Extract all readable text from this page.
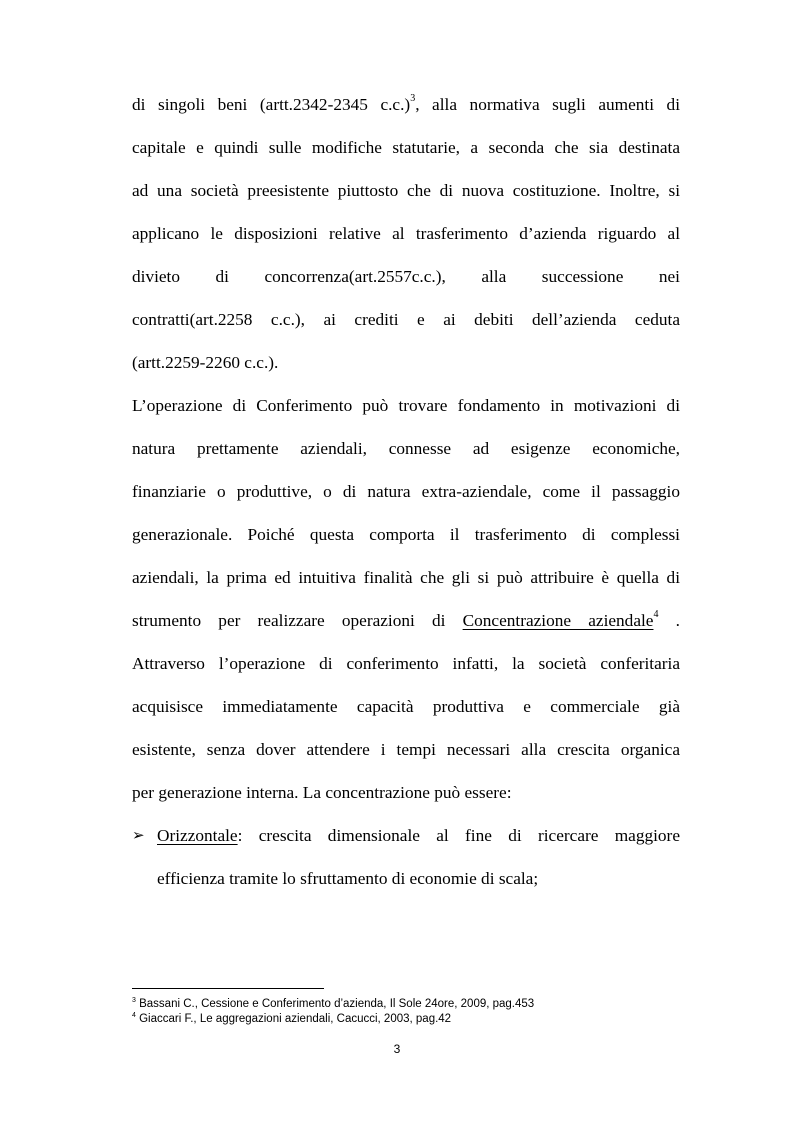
di singoli beni (artt.2342-2345 c.c.)$^3$, alla normativa sugli aumenti di
capitale e quindi sulle modifiche statutarie, a seconda che sia destinata
ad una società preesistente piuttosto che di nuova costituzione. Inoltre, si
applicano le disposizioni relative al trasferimento d’azienda riguardo al
divieto di concorrenza(art.2557c.c.), alla successione nei
contratti(art.2258 c.c.), ai crediti e ai debiti dell’azienda ceduta
(artt.2259-2260 c.c.).
L’operazione di Conferimento può trovare fondamento in motivazioni di
natura prettamente aziendali, connesse ad esigenze economiche,
finanziarie o produttive, o di natura extra-aziendale, come il passaggio
generazionale. Poiché questa comporta il trasferimento di complessi
aziendali, la prima ed intuitiva finalità che gli si può attribuire è quella di
strumento per realizzare operazioni di Concentrazione aziendale$^4$ .
Attraverso l’operazione di conferimento infatti, la società conferitaria
acquisisce immediatamente capacità produttiva e commerciale già
esistente, senza dover attendere i tempi necessari alla crescita organica
per generazione interna. La concentrazione può essere:
➢ Orizzontale: crescita dimensionale al fine di ricercare maggiore
efficienza tramite lo sfruttamento di economie di scala;
$^3$ Bassani C., Cessione e Conferimento d’azienda, Il Sole 24ore, 2009, pag.453
$^4$ Giaccari F., Le aggregazioni aziendali, Cacucci, 2003, pag.42
3
